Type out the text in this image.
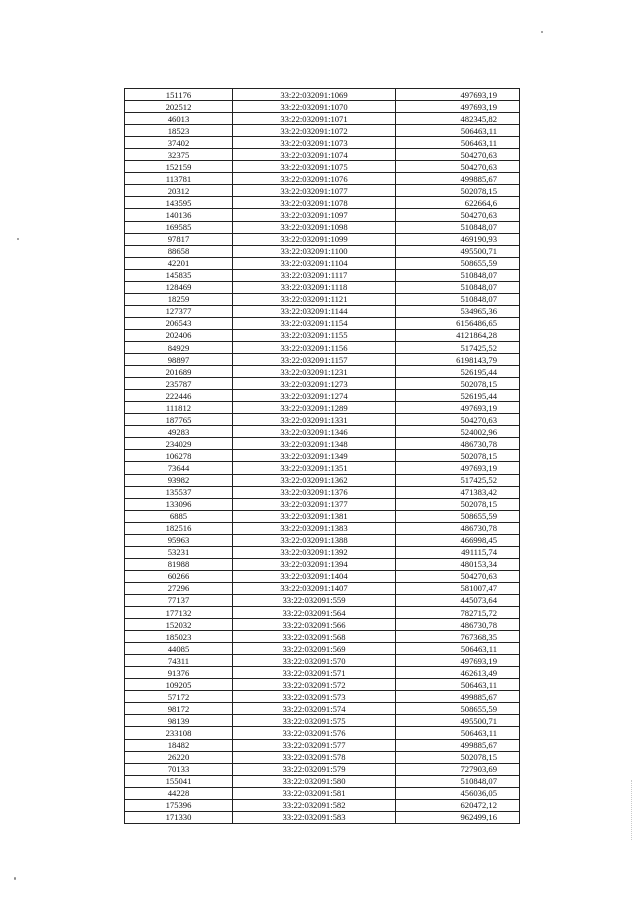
151176	33:22:032091:1069	497693,19
202512	33:22:032091:1070	497693,19
46013	33:22:032091:1071	482345,82
18523	33:22:032091:1072	506463,11
37402	33:22:032091:1073	506463,11
32375	33:22:032091:1074	504270,63
152159	33:22:032091:1075	504270,63
113781	33:22:032091:1076	499885,67
20312	33:22:032091:1077	502078,15
143595	33:22:032091:1078	622664,6
140136	33:22:032091:1097	504270,63
169585	33:22:032091:1098	510848,07
97817	33:22:032091:1099	469190,93
88658	33:22:032091:1100	495500,71
42201	33:22:032091:1104	508655,59
145835	33:22:032091:1117	510848,07
128469	33:22:032091:1118	510848,07
18259	33:22:032091:1121	510848,07
127377	33:22:032091:1144	534965,36
206543	33:22:032091:1154	6156486,65
202406	33:22:032091:1155	4121864,28
84929	33:22:032091:1156	517425,52
98897	33:22:032091:1157	6198143,79
201689	33:22:032091:1231	526195,44
235787	33:22:032091:1273	502078,15
222446	33:22:032091:1274	526195,44
111812	33:22:032091:1289	497693,19
187765	33:22:032091:1331	504270,63
49283	33:22:032091:1346	524002,96
234029	33:22:032091:1348	486730,78
106278	33:22:032091:1349	502078,15
73644	33:22:032091:1351	497693,19
93982	33:22:032091:1362	517425,52
135537	33:22:032091:1376	471383,42
133096	33:22:032091:1377	502078,15
6885	33:22:032091:1381	508655,59
182516	33:22:032091:1383	486730,78
95963	33:22:032091:1388	466998,45
53231	33:22:032091:1392	491115,74
81988	33:22:032091:1394	480153,34
60266	33:22:032091:1404	504270,63
27296	33:22:032091:1407	581007,47
77137	33:22:032091:559	445073,64
177132	33:22:032091:564	782715,72
152032	33:22:032091:566	486730,78
185023	33:22:032091:568	767368,35
44085	33:22:032091:569	506463,11
74311	33:22:032091:570	497693,19
91376	33:22:032091:571	462613,49
109205	33:22:032091:572	506463,11
57172	33:22:032091:573	499885,67
98172	33:22:032091:574	508655,59
98139	33:22:032091:575	495500,71
233108	33:22:032091:576	506463,11
18482	33:22:032091:577	499885,67
26220	33:22:032091:578	502078,15
70133	33:22:032091:579	727903,69
155041	33:22:032091:580	510848,07
44228	33:22:032091:581	456036,05
175396	33:22:032091:582	620472,12
171330	33:22:032091:583	962499,16
